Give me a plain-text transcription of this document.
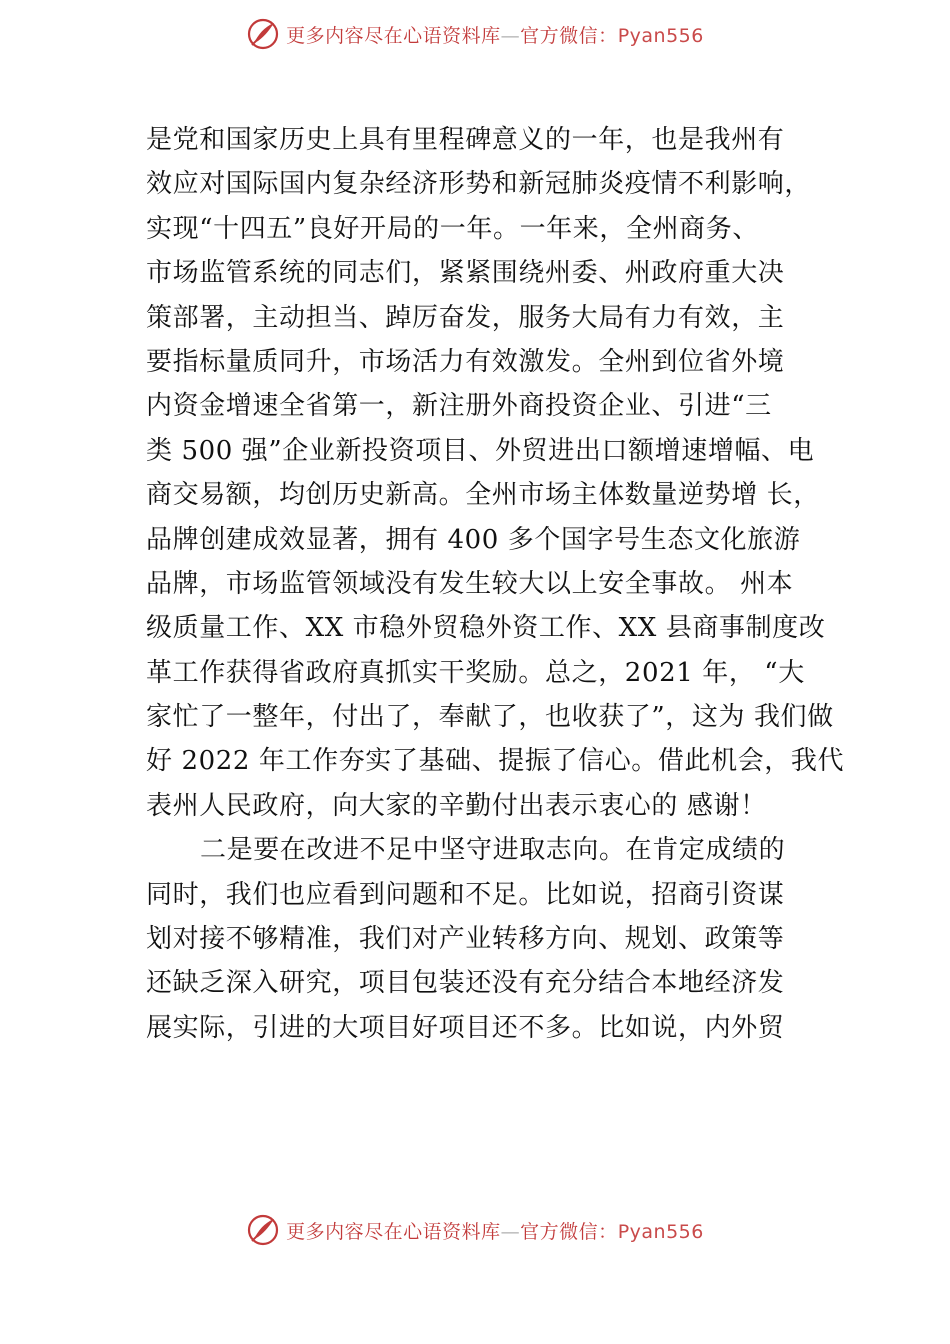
更多内容尽在心语资料库—官方微信：Pyan556
是党和国家历史上具有里程碑意义的一年，也是我州有
效应对国际国内复杂经济形势和新冠肺炎疫情不利影响，
实现“十四五”良好开局的一年。一年来，全州商务、
市场监管系统的同志们，紧紧围绕州委、州政府重大决
策部署，主动担当、踔厉奋发，服务大局有力有效，主
要指标量质同升，市场活力有效激发。全州到位省外境
内资金增速全省第一，新注册外商投资企业、引进“三
类 500 强”企业新投资项目、外贸进出口额增速增幅、电
商交易额，均创历史新高。全州市场主体数量逆势增 长，
品牌创建成效显著，拥有 400 多个国字号生态文化旅游
品牌，市场监管领域没有发生较大以上安全事故。 州本
级质量工作、XX 市稳外贸稳外资工作、XX 县商事制度改
革工作获得省政府真抓实干奖励。总之，2021 年， “大
家忙了一整年，付出了，奉献了，也收获了”，这为 我们做
好 2022 年工作夯实了基础、提振了信心。借此机会，我代
表州人民政府，向大家的辛勤付出表示衷心的 感谢！
二是要在改进不足中坚守进取志向。在肯定成绩的
同时，我们也应看到问题和不足。比如说，招商引资谋
划对接不够精准，我们对产业转移方向、规划、政策等
还缺乏深入研究，项目包装还没有充分结合本地经济发
展实际，引进的大项目好项目还不多。比如说，内外贸
更多内容尽在心语资料库—官方微信：Pyan556
